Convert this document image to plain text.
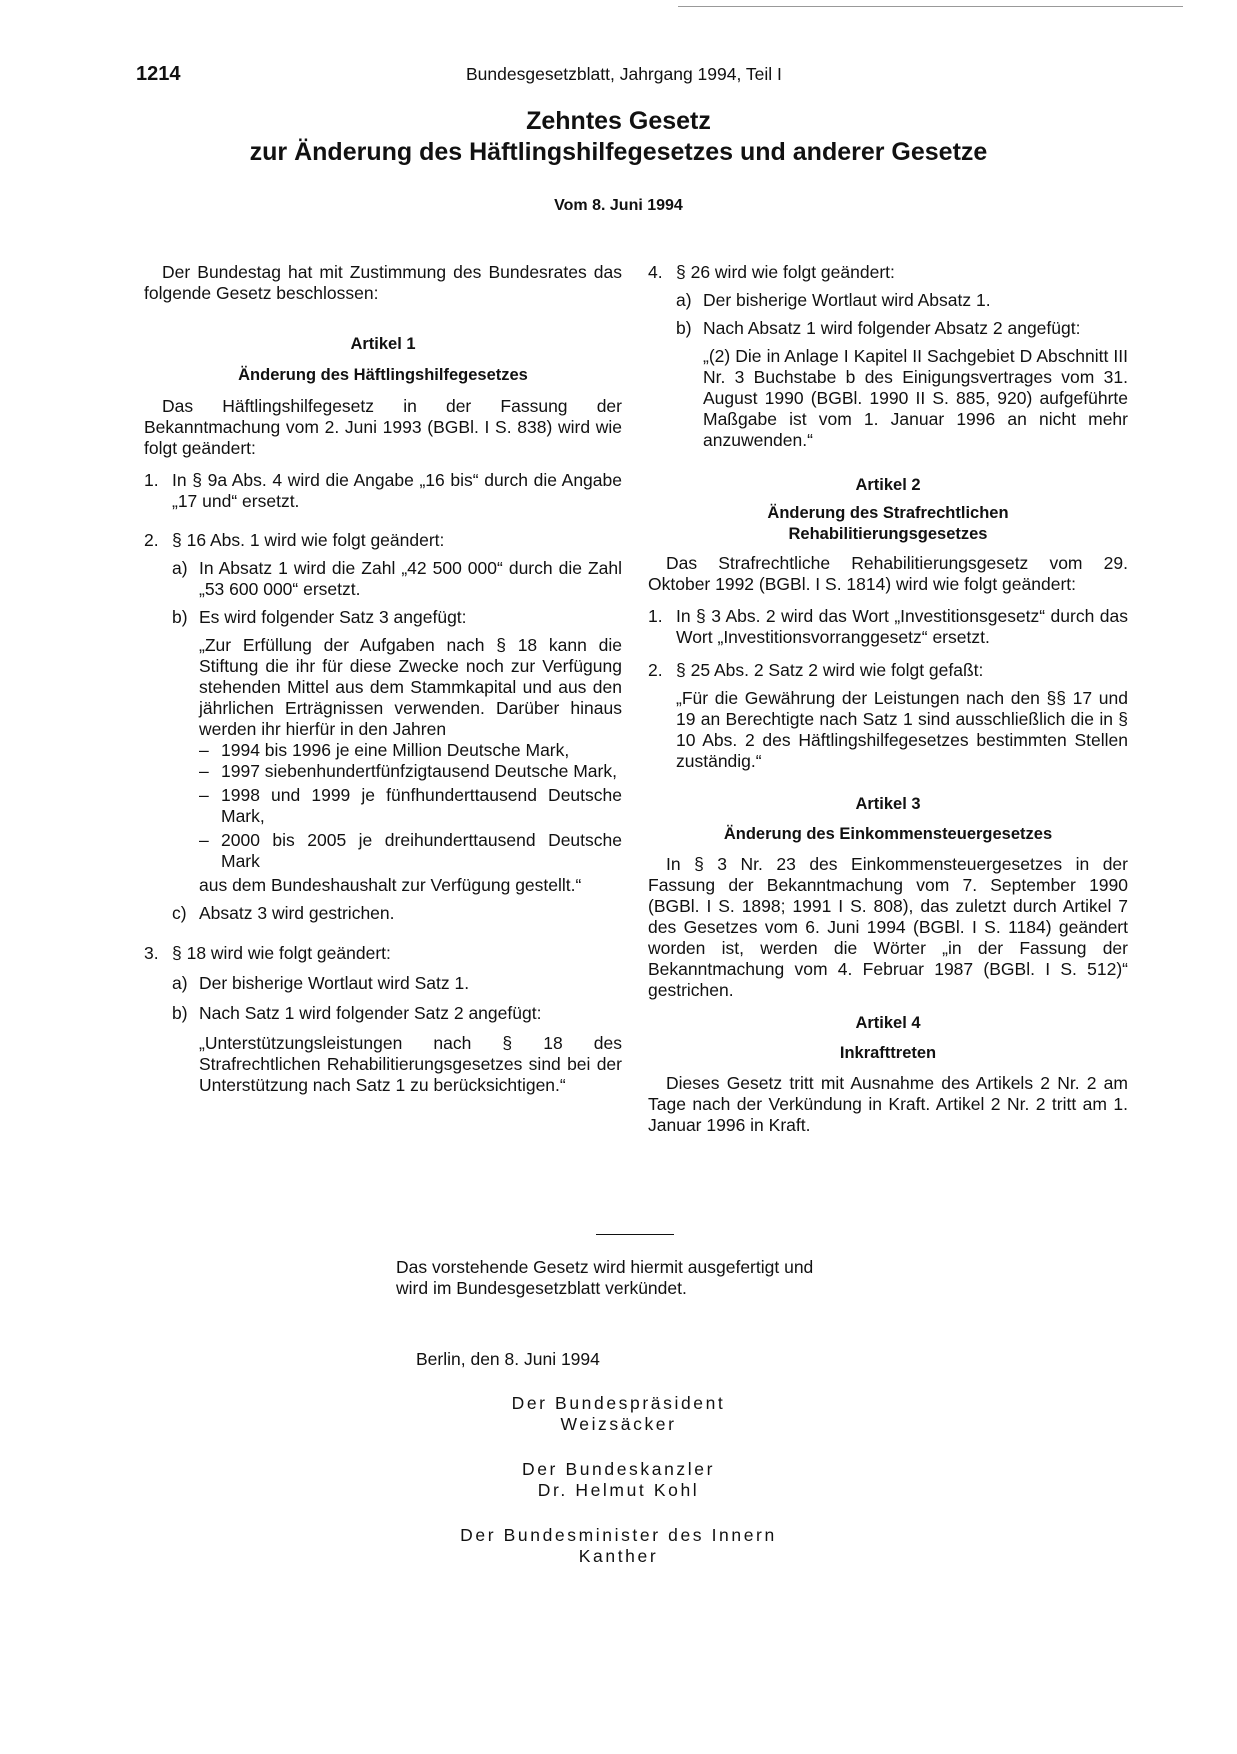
1214	Bundesgesetzblatt, Jahrgang 1994, Teil I
Zehntes Gesetz
zur Änderung des Häftlingshilfegesetzes und anderer Gesetze
Vom 8. Juni 1994

Der Bundestag hat mit Zustimmung des Bundesrates das folgende Gesetz beschlossen:

Artikel 1
Änderung des Häftlingshilfegesetzes

Das Häftlingshilfegesetz in der Fassung der Bekanntmachung vom 2. Juni 1993 (BGBl. I S. 838) wird wie folgt geändert:

1. In § 9a Abs. 4 wird die Angabe „16 bis“ durch die Angabe „17 und“ ersetzt.

2. § 16 Abs. 1 wird wie folgt geändert:

a) In Absatz 1 wird die Zahl „42 500 000“ durch die Zahl „53 600 000“ ersetzt.

b) Es wird folgender Satz 3 angefügt:

„Zur Erfüllung der Aufgaben nach § 18 kann die Stiftung die ihr für diese Zwecke noch zur Verfügung stehenden Mittel aus dem Stammkapital und aus den jährlichen Erträgnissen verwenden. Darüber hinaus werden ihr hierfür in den Jahren

– 1994 bis 1996 je eine Million Deutsche Mark,

– 1997 siebenhundertfünfzigtausend Deutsche Mark,

– 1998 und 1999 je fünfhunderttausend Deutsche Mark,

– 2000 bis 2005 je dreihunderttausend Deutsche Mark

aus dem Bundeshaushalt zur Verfügung gestellt.“

c) Absatz 3 wird gestrichen.

3. § 18 wird wie folgt geändert:

a) Der bisherige Wortlaut wird Satz 1.

b) Nach Satz 1 wird folgender Satz 2 angefügt:

„Unterstützungsleistungen nach § 18 des Strafrechtlichen Rehabilitierungsgesetzes sind bei der Unterstützung nach Satz 1 zu berücksichtigen.“

4. § 26 wird wie folgt geändert:

a) Der bisherige Wortlaut wird Absatz 1.

b) Nach Absatz 1 wird folgender Absatz 2 angefügt:

„(2) Die in Anlage I Kapitel II Sachgebiet D Abschnitt III Nr. 3 Buchstabe b des Einigungsvertrages vom 31. August 1990 (BGBl. 1990 II S. 885, 920) aufgeführte Maßgabe ist vom 1. Januar 1996 an nicht mehr anzuwenden.“

Artikel 2
Änderung des Strafrechtlichen
Rehabilitierungsgesetzes

Das Strafrechtliche Rehabilitierungsgesetz vom 29. Oktober 1992 (BGBl. I S. 1814) wird wie folgt geändert:

1. In § 3 Abs. 2 wird das Wort „Investitionsgesetz“ durch das Wort „Investitionsvorranggesetz“ ersetzt.

2. § 25 Abs. 2 Satz 2 wird wie folgt gefaßt:

„Für die Gewährung der Leistungen nach den §§ 17 und 19 an Berechtigte nach Satz 1 sind ausschließlich die in § 10 Abs. 2 des Häftlingshilfegesetzes bestimmten Stellen zuständig.“

Artikel 3
Änderung des Einkommensteuergesetzes

In § 3 Nr. 23 des Einkommensteuergesetzes in der Fassung der Bekanntmachung vom 7. September 1990 (BGBl. I S. 1898; 1991 I S. 808), das zuletzt durch Artikel 7 des Gesetzes vom 6. Juni 1994 (BGBl. I S. 1184) geändert worden ist, werden die Wörter „in der Fassung der Bekanntmachung vom 4. Februar 1987 (BGBl. I S. 512)“ gestrichen.

Artikel 4
Inkrafttreten

Dieses Gesetz tritt mit Ausnahme des Artikels 2 Nr. 2 am Tage nach der Verkündung in Kraft. Artikel 2 Nr. 2 tritt am 1. Januar 1996 in Kraft.

Das vorstehende Gesetz wird hiermit ausgefertigt und
wird im Bundesgesetzblatt verkündet.
Berlin, den 8. Juni 1994
Der Bundespräsident
Weizsäcker
Der Bundeskanzler
Dr. Helmut Kohl
Der Bundesminister des Innern
Kanther
